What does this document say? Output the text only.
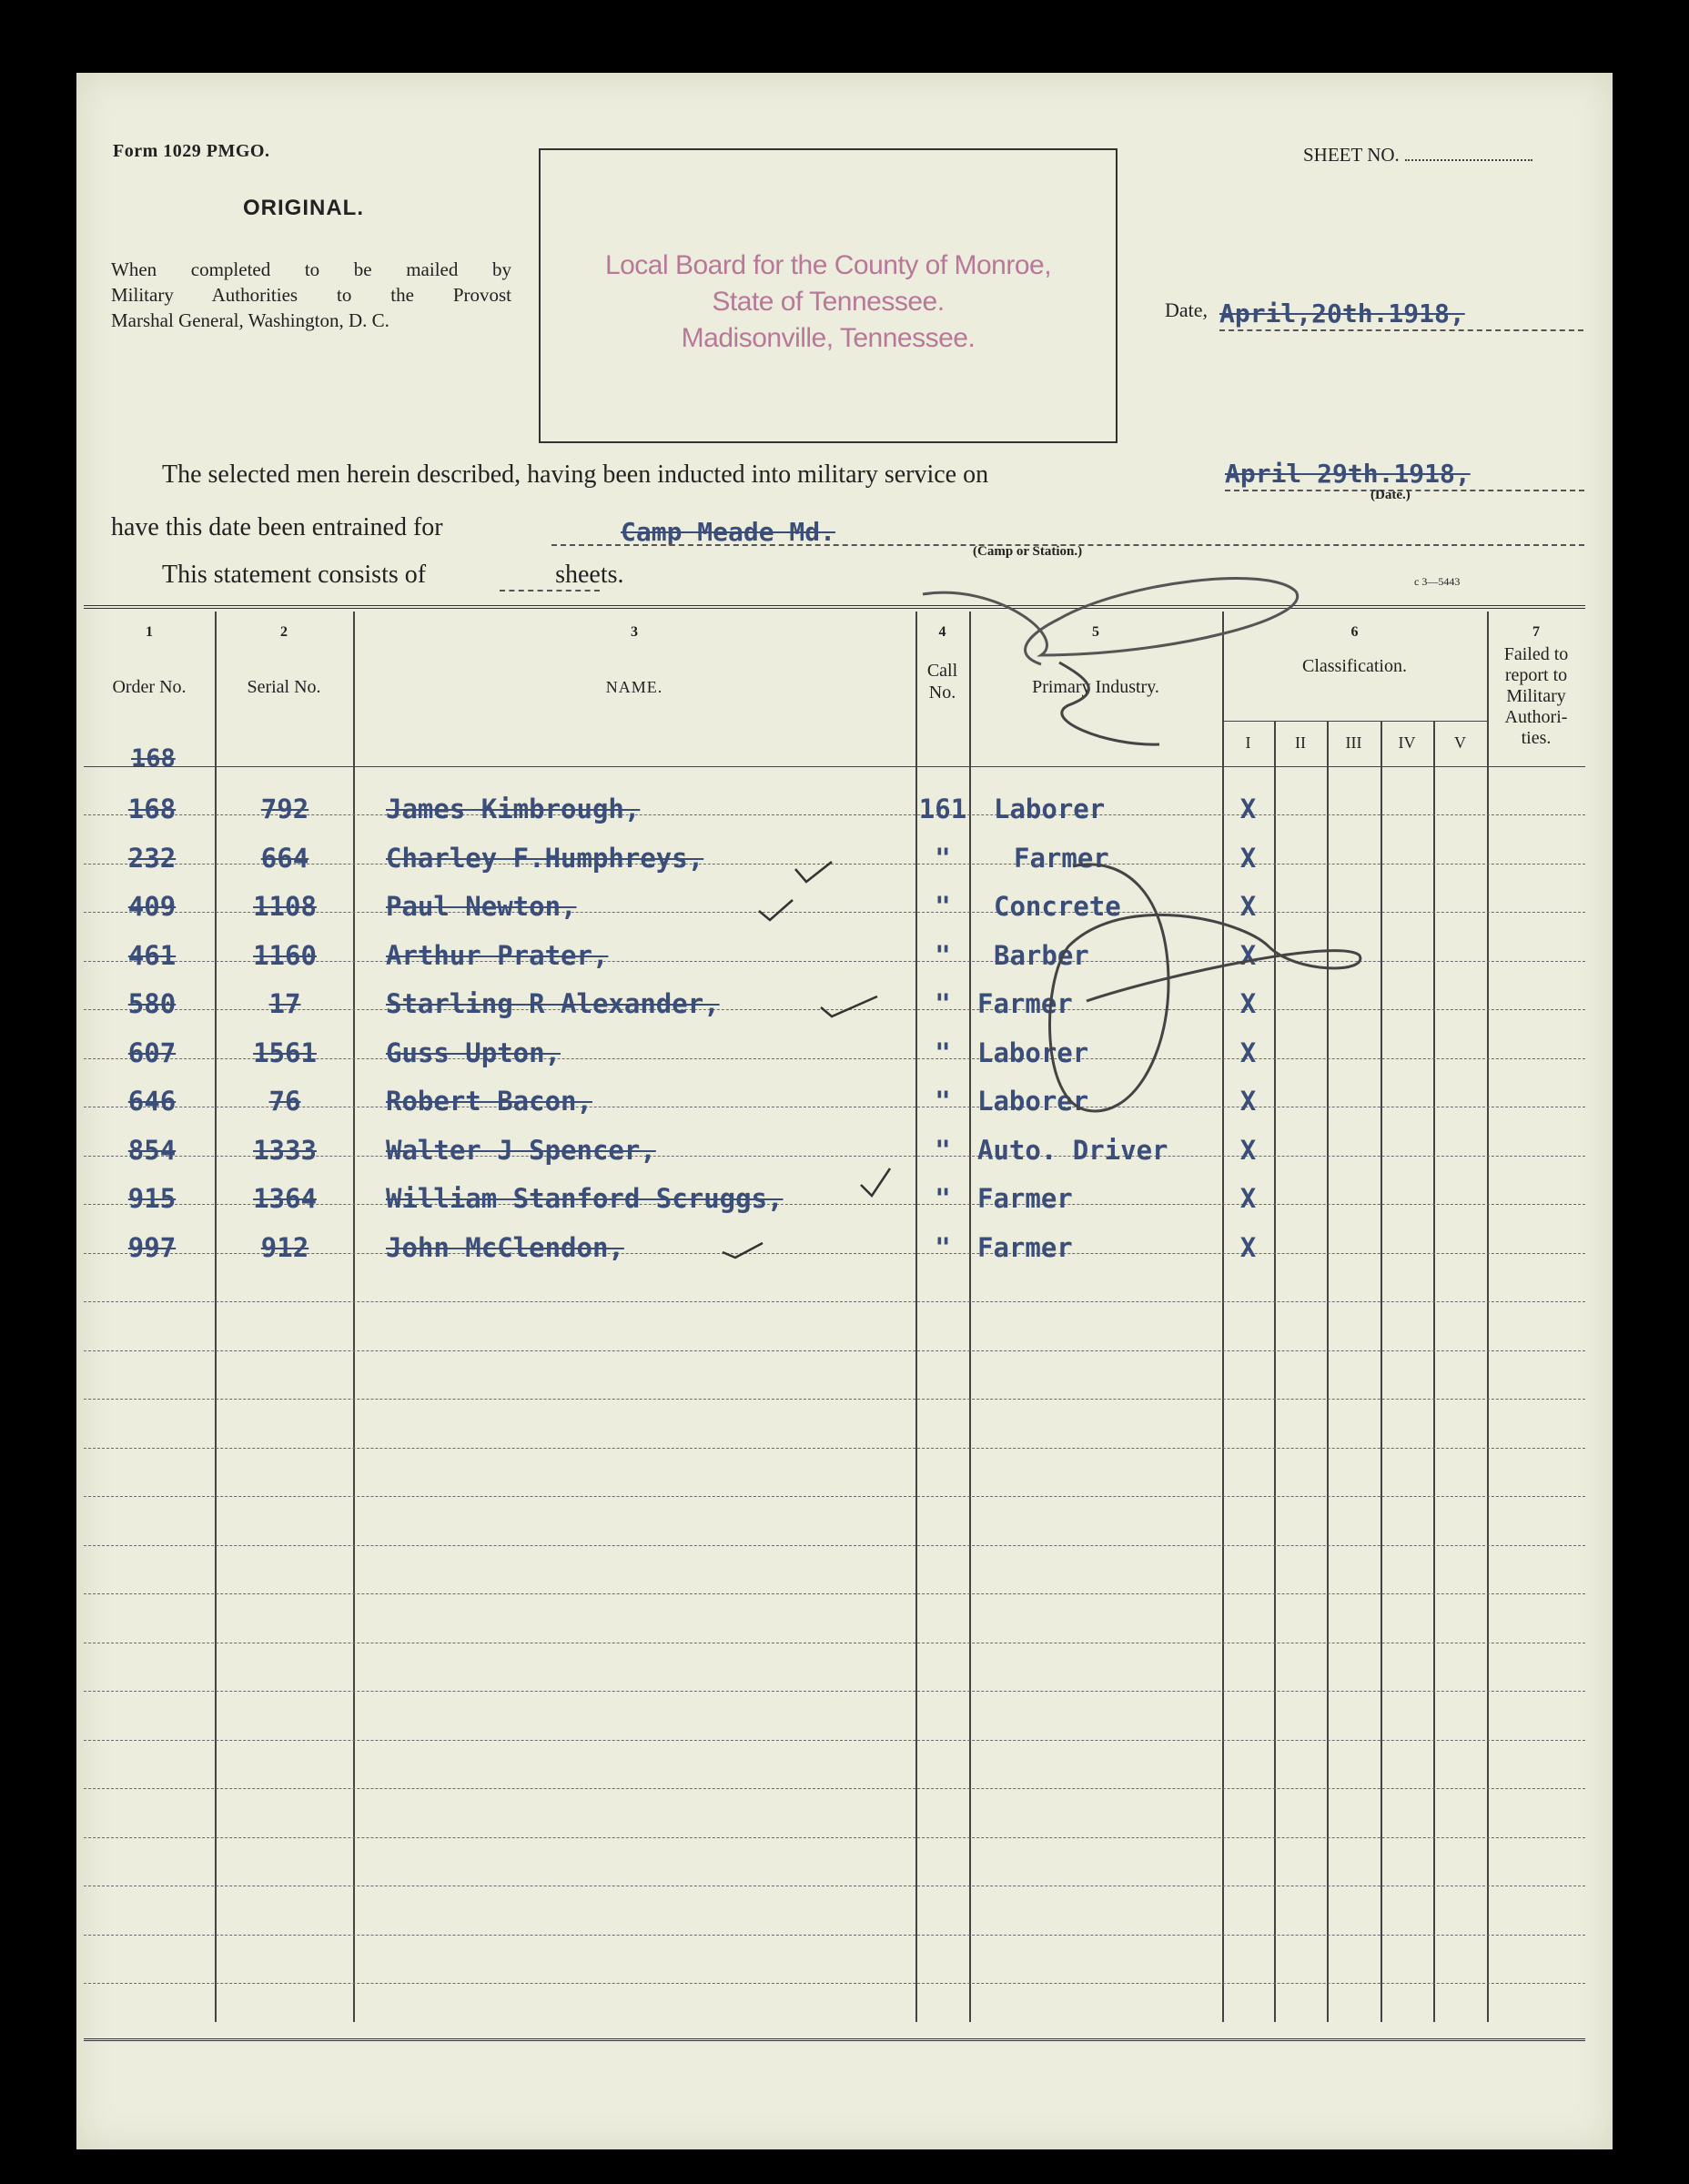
Form 1029 PMGO.
ORIGINAL.
When completed to be mailed by
Military Authorities to the Provost
Marshal General, Washington, D. C.
Local Board for the County of Monroe,
State of Tennessee.
Madisonville, Tennessee.
SHEET NO.
Date, April,20th.1918,
The selected men herein described, having been inducted into military service on	April 29th.1918,
(Date.)
have this date been entrained for	Camp Meade Md.
(Camp or Station.)
This statement consists of	sheets.	c 3—5443
1	2	3	4	5	6	7
Order No.	Serial No.	NAME.
Call
No.	Primary Industry.
Classification.
I	II	III	IV	V
Failed to
report to
Military
Authori-
ties.
168
168	792	James Kimbrough,	161 Laborer	X
232	664	Charley F.Humphreys,	"	Farmer	X
409	1108	Paul Newton,	"	Concrete	X
461	1160	Arthur Prater,	"	Barber	X
580	17	Starling R Alexander,	"	Farmer	X
607	1561	Guss Upton,	"	Laborer	X
646	76	Robert Bacon,	"	Laborer	X
854	1333	Walter J Spencer,	"	Auto. Driver	X
915	1364	William Stanford Scruggs,	"	Farmer	X
997	912	John McClendon,	"	Farmer	X
